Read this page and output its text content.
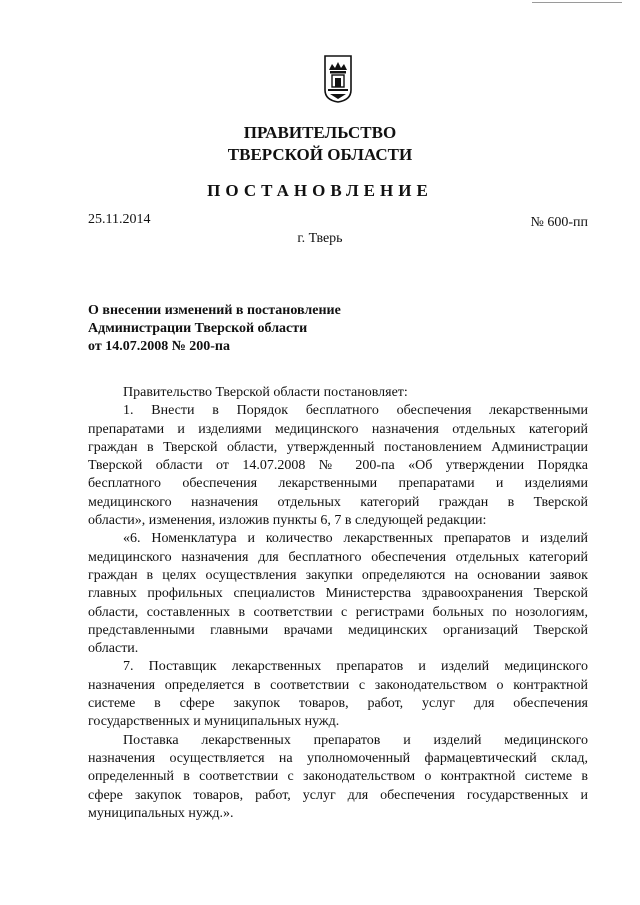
ПРАВИТЕЛЬСТВО
ТВЕРСКОЙ ОБЛАСТИ
ПОСТАНОВЛЕНИЕ
25.11.2014	№ 600-пп
г. Тверь
О внесении изменений в постановление
Администрации Тверской области
от 14.07.2008 № 200-па
Правительство Тверской области постановляет:
1. Внести в Порядок бесплатного обеспечения лекарственными
препаратами и изделиями медицинского назначения отдельных категорий
граждан в Тверской области, утвержденный постановлением Администрации
Тверской области от 14.07.2008 № 200-па «Об утверждении Порядка
бесплатного обеспечения лекарственными препаратами и изделиями
медицинского назначения отдельных категорий граждан в Тверской
области», изменения, изложив пункты 6, 7 в следующей редакции:
«6. Номенклатура и количество лекарственных препаратов и изделий
медицинского назначения для бесплатного обеспечения отдельных категорий
граждан в целях осуществления закупки определяются на основании заявок
главных профильных специалистов Министерства здравоохранения Тверской
области, составленных в соответствии с регистрами больных по нозологиям,
представленными главными врачами медицинских организаций Тверской
области.
7. Поставщик лекарственных препаратов и изделий медицинского
назначения определяется в соответствии с законодательством о контрактной
системе в сфере закупок товаров, работ, услуг для обеспечения
государственных и муниципальных нужд.
Поставка лекарственных препаратов и изделий медицинского
назначения осуществляется на уполномоченный фармацевтический склад,
определенный в соответствии с законодательством о контрактной системе в
сфере закупок товаров, работ, услуг для обеспечения государственных и
муниципальных нужд.».
